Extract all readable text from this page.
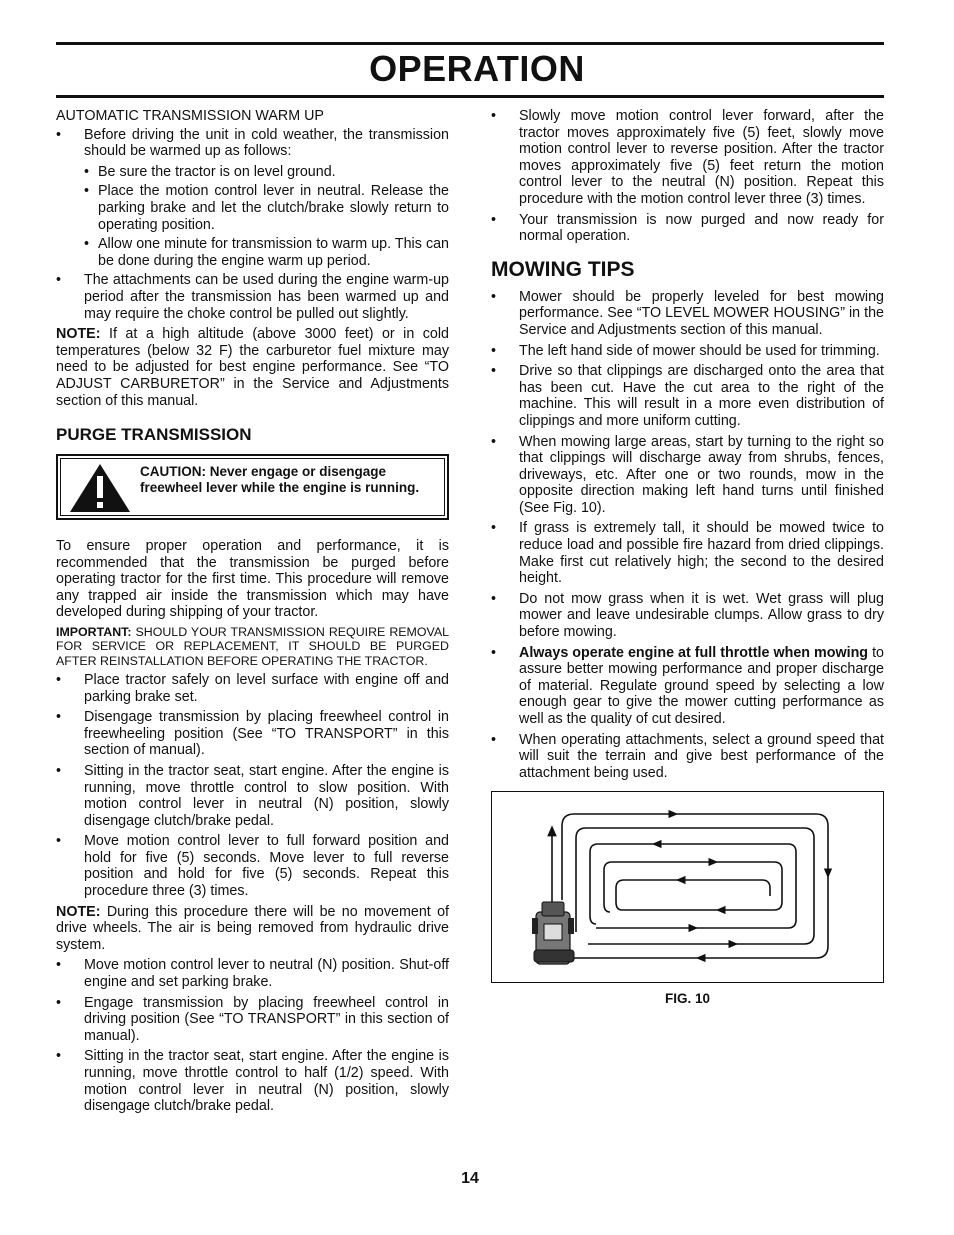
OPERATION

AUTOMATIC TRANSMISSION WARM UP

• Before driving the unit in cold weather, the transmission should be warmed up as follows:
• Be sure the tractor is on level ground.
• Place the motion control lever in neutral. Release the parking brake and let the clutch/brake slowly return to operating position.
• Allow one minute for transmission to warm up. This can be done during the engine warm up period.
• The attachments can be used during the engine warm-up period after the transmission has been warmed up and may require the choke control be pulled out slightly.

NOTE: If at a high altitude (above 3000 feet) or in cold temperatures (below 32 F) the carburetor fuel mixture may need to be adjusted for best engine performance. See “TO ADJUST CARBURETOR” in the Service and Adjustments section of this manual.

PURGE TRANSMISSION
CAUTION: Never engage or disengage freewheel lever while the engine is running.

To ensure proper operation and performance, it is recommended that the transmission be purged before operating tractor for the first time. This procedure will remove any trapped air inside the transmission which may have developed during shipping of your tractor.

IMPORTANT: SHOULD YOUR TRANSMISSION REQUIRE REMOVAL FOR SERVICE OR REPLACEMENT, IT SHOULD BE PURGED AFTER REINSTALLATION BEFORE OPERATING THE TRACTOR.

• Place tractor safely on level surface with engine off and parking brake set.
• Disengage transmission by placing freewheel control in freewheeling position (See “TO TRANSPORT” in this section of manual).
• Sitting in the tractor seat, start engine. After the engine is running, move throttle control to slow position. With motion control lever in neutral (N) position, slowly disengage clutch/brake pedal.
• Move motion control lever to full forward position and hold for five (5) seconds. Move lever to full reverse position and hold for five (5) seconds. Repeat this procedure three (3) times.

NOTE: During this procedure there will be no movement of drive wheels. The air is being removed from hydraulic drive system.

• Move motion control lever to neutral (N) position. Shut-off engine and set parking brake.
• Engage transmission by placing freewheel control in driving position (See “TO TRANSPORT” in this section of manual).
• Sitting in the tractor seat, start engine. After the engine is running, move throttle control to half (1/2) speed. With motion control lever in neutral (N) position, slowly disengage clutch/brake pedal.
• Slowly move motion control lever forward, after the tractor moves approximately five (5) feet, slowly move motion control lever to reverse position. After the tractor moves approximately five (5) feet return the motion control lever to the neutral (N) position. Repeat this procedure with the motion control lever three (3) times.
• Your transmission is now purged and now ready for normal operation.
MOWING TIPS
• Mower should be properly leveled for best mowing performance. See “TO LEVEL MOWER HOUSING” in the Service and Adjustments section of this manual.
• The left hand side of mower should be used for trimming.
• Drive so that clippings are discharged onto the area that has been cut. Have the cut area to the right of the machine. This will result in a more even distribution of clippings and more uniform cutting.
• When mowing large areas, start by turning to the right so that clippings will discharge away from shrubs, fences, driveways, etc. After one or two rounds, mow in the opposite direction making left hand turns until finished (See Fig. 10).
• If grass is extremely tall, it should be mowed twice to reduce load and possible fire hazard from dried clippings. Make first cut relatively high; the second to the desired height.
• Do not mow grass when it is wet. Wet grass will plug mower and leave undesirable clumps. Allow grass to dry before mowing.
• Always operate engine at full throttle when mowing to assure better mowing performance and proper discharge of material. Regulate ground speed by selecting a low enough gear to give the mower cutting performance as well as the quality of cut desired.
• When operating attachments, select a ground speed that will suit the terrain and give best performance of the attachment being used.
FIG. 10
14
